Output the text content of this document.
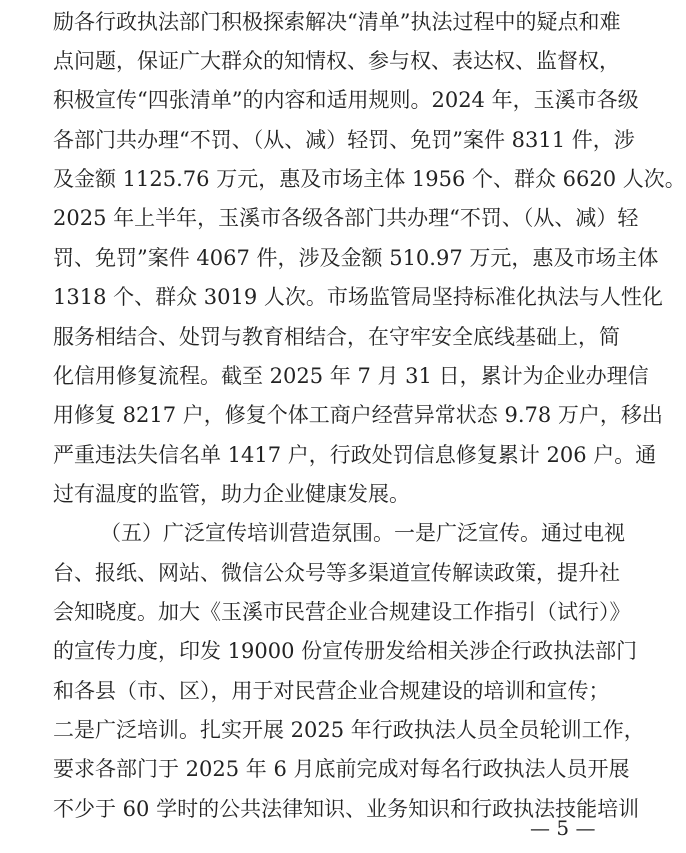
励各行政执法部门积极探索解决“清单”执法过程中的疑点和难
点问题，保证广大群众的知情权、参与权、表达权、监督权，
积极宣传“四张清单”的内容和适用规则。2024 年，玉溪市各级
各部门共办理“不罚、（从、减）轻罚、免罚”案件 8311 件，涉
及金额 1125.76 万元，惠及市场主体 1956 个、群众 6620 人次。
2025 年上半年，玉溪市各级各部门共办理“不罚、（从、减）轻
罚、免罚”案件 4067 件，涉及金额 510.97 万元，惠及市场主体
1318 个、群众 3019 人次。市场监管局坚持标准化执法与人性化
服务相结合、处罚与教育相结合，在守牢安全底线基础上，简
化信用修复流程。截至 2025 年 7 月 31 日，累计为企业办理信
用修复 8217 户，修复个体工商户经营异常状态 9.78 万户，移出
严重违法失信名单 1417 户，行政处罚信息修复累计 206 户。通
过有温度的监管，助力企业健康发展。
（五）广泛宣传培训营造氛围。一是广泛宣传。通过电视
台、报纸、网站、微信公众号等多渠道宣传解读政策，提升社
会知晓度。加大《玉溪市民营企业合规建设工作指引（试行）》
的宣传力度，印发 19000 份宣传册发给相关涉企行政执法部门
和各县（市、区），用于对民营企业合规建设的培训和宣传；
二是广泛培训。扎实开展 2025 年行政执法人员全员轮训工作，
要求各部门于 2025 年 6 月底前完成对每名行政执法人员开展
不少于 60 学时的公共法律知识、业务知识和行政执法技能培训
— 5 —
